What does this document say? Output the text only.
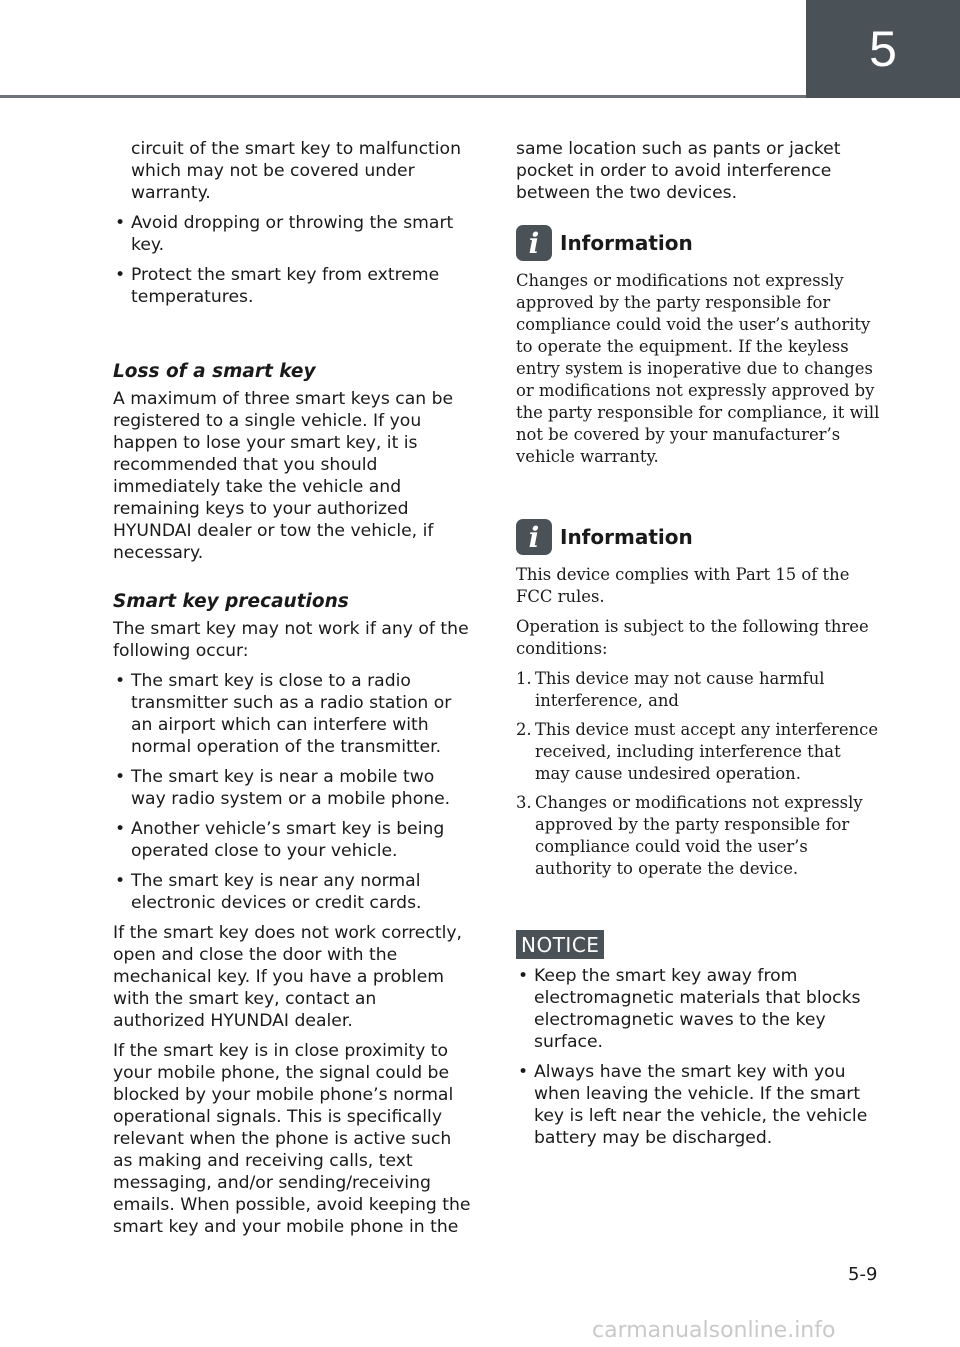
5

circuit of the smart key to malfunction which may not be covered under warranty.

• Avoid dropping or throwing the smart key.
• Protect the smart key from extreme temperatures.
Loss of a smart key

A maximum of three smart keys can be registered to a single vehicle. If you happen to lose your smart key, it is recommended that you should immediately take the vehicle and remaining keys to your authorized HYUNDAI dealer or tow the vehicle, if necessary.

Smart key precautions

The smart key may not work if any of the following occur:

• The smart key is close to a radio transmitter such as a radio station or an airport which can interfere with normal operation of the transmitter.
• The smart key is near a mobile two way radio system or a mobile phone.
• Another vehicle’s smart key is being operated close to your vehicle.
• The smart key is near any normal electronic devices or credit cards.

If the smart key does not work correctly, open and close the door with the mechanical key. If you have a problem with the smart key, contact an authorized HYUNDAI dealer.

If the smart key is in close proximity to your mobile phone, the signal could be blocked by your mobile phone’s normal operational signals. This is specifically relevant when the phone is active such as making and receiving calls, text messaging, and/or sending/receiving emails. When possible, avoid keeping the smart key and your mobile phone in the

same location such as pants or jacket pocket in order to avoid interference between the two devices.

i	Information

Changes or modifications not expressly approved by the party responsible for compliance could void the user’s authority to operate the equipment. If the keyless entry system is inoperative due to changes or modifications not expressly approved by the party responsible for compliance, it will not be covered by your manufacturer’s vehicle warranty.

i	Information

This device complies with Part 15 of the FCC rules.

Operation is subject to the following three conditions:

1. This device may not cause harmful interference, and
2. This device must accept any interference received, including interference that may cause undesired operation.
3. Changes or modifications not expressly approved by the party responsible for compliance could void the user’s authority to operate the device.
NOTICE
• Keep the smart key away from electromagnetic materials that blocks electromagnetic waves to the key surface.
• Always have the smart key with you when leaving the vehicle. If the smart key is left near the vehicle, the vehicle battery may be discharged.
5-9
carmanualsonline.info
